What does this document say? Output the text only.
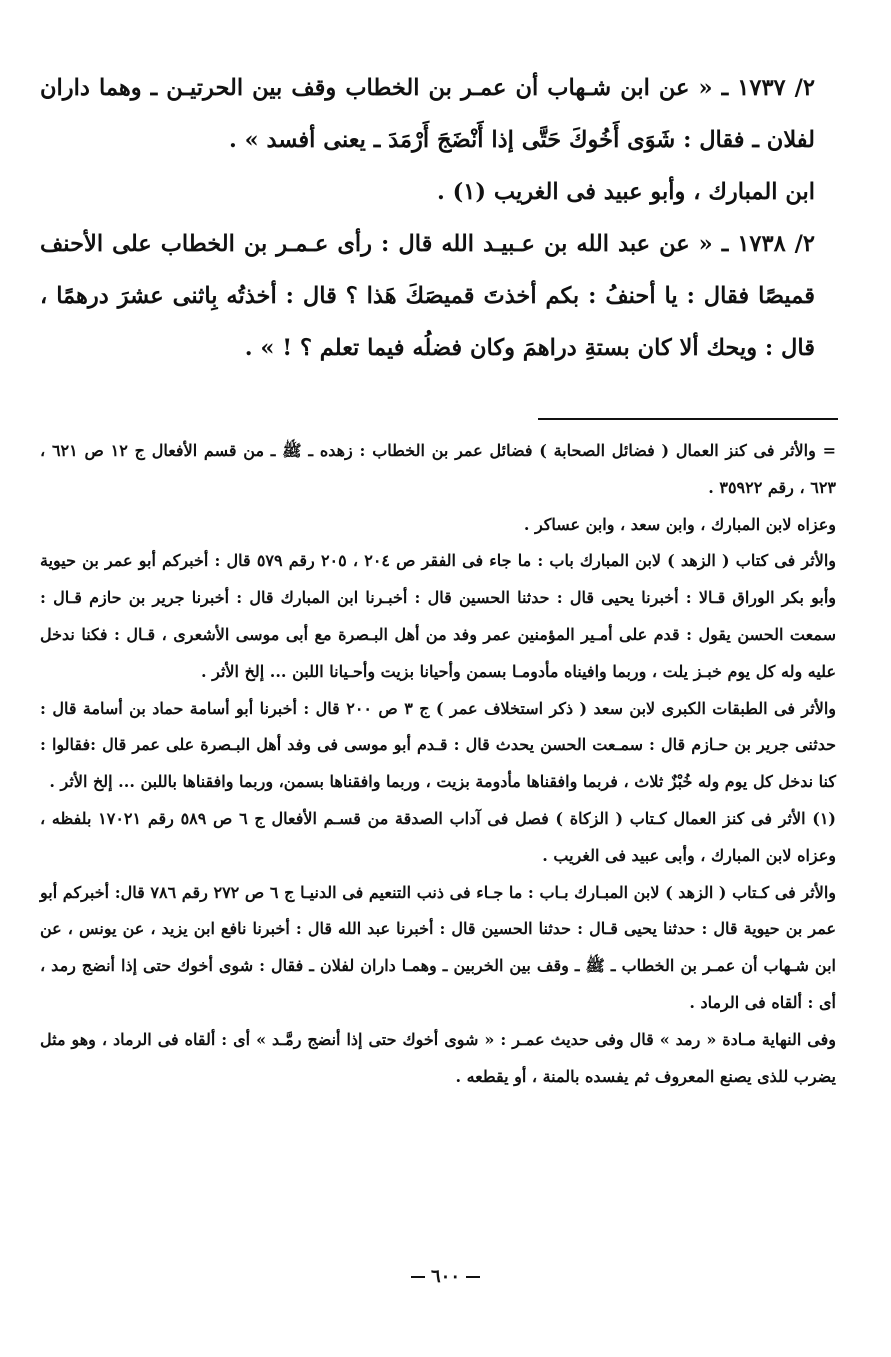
٢/ ١٧٣٧ ـ « عن ابن شـهاب أن عمـر بن الخطاب وقف بين الحرتيـن ـ وهما داران لفلان ـ فقال : شَوَى أَخُوكَ حَتَّى إذا أَنْضَجَ أَرْمَدَ ـ يعنى أفسد » .

ابن المبارك ، وأبو عبيد فى الغريب (١) .

٢/ ١٧٣٨ ـ « عن عبد الله بن عـبيـد الله قال : رأى عـمـر بن الخطاب على الأحنف قميصًا فقال : يا أحنفُ : بكم أخذتَ قميصَكَ هَذا ؟ قال : أخذتُه بِاثنى عشرَ درهمًا ، قال : ويحك ألا كان بستةِ دراهمَ وكان فضلُه فيما تعلم ؟ ! » .

= والأثر فى كنز العمال ( فضائل الصحابة ) فضائل عمر بن الخطاب : زهده ـ ﷺ ـ من قسم الأفعال ج ١٢ ص ٦٢١ ، ٦٢٣ ، رقم ٣٥٩٢٢ .

وعزاه لابن المبارك ، وابن سعد ، وابن عساكر .

والأثر فى كتاب ( الزهد ) لابن المبارك باب : ما جاء فى الفقر ص ٢٠٤ ، ٢٠٥ رقم ٥٧٩ قال : أخبركم أبو عمر بن حيوية وأبو بكر الوراق قـالا : أخبرنا يحيى قال : حدثنا الحسين قال : أخبـرنا ابن المبارك قال : أخبرنا جرير بن حازم قـال : سمعت الحسن يقول : قدم على أمـير المؤمنين عمر وفد من أهل البـصرة مع أبى موسى الأشعرى ، قـال : فكنا ندخل عليه وله كل يوم خبـز يلت ، وربما وافيناه مأدومـا بسمن وأحيانا بزيت وأحـيانا اللبن ... إلخ الأثر .

والأثر فى الطبقات الكبرى لابن سعد ( ذكر استخلاف عمر ) ج ٣ ص ٢٠٠ قال : أخبرنا أبو أسامة حماد بن أسامة قال : حدثنى جرير بن حـازم قال : سمـعت الحسن يحدث قال : قـدم أبو موسى فى وفد أهل البـصرة على عمر قال :فقالوا : كنا ندخل كل يوم وله خُبْزٌ ثلاث ، فربما وافقناها مأدومة بزيت ، وربما وافقناها بسمن، وربما وافقناها باللبن ... إلخ الأثر .

(١) الأثر فى كنز العمال كـتاب ( الزكاة ) فصل فى آداب الصدقة من قسـم الأفعال ج ٦ ص ٥٨٩ رقم ١٧٠٢١ بلفظه ، وعزاه لابن المبارك ، وأبى عبيد فى الغريب .

والأثر فى كـتاب ( الزهد ) لابن المبـارك بـاب : ما جـاء فى ذنب التنعيم فى الدنيـا ج ٦ ص ٢٧٢ رقم ٧٨٦ قال: أخبركم أبو عمر بن حيوية قال : حدثنا يحيى قـال : حدثنا الحسين قال : أخبرنا عبد الله قال : أخبرنا نافع ابن يزيد ، عن يونس ، عن ابن شـهاب أن عمـر بن الخطاب ـ ﷺ ـ وقف بين الخربين ـ وهمـا داران لفلان ـ فقال : شوى أخوك حتى إذا أنضج رمد ، أى : ألقاه فى الرماد .

وفى النهاية مـادة « رمد » قال وفى حديث عمـر : « شوى أخوك حتى إذا أنضج رمَّـد » أى : ألقاه فى الرماد ، وهو مثل يضرب للذى يصنع المعروف ثم يفسده بالمنة ، أو يقطعه .

٦٠٠
